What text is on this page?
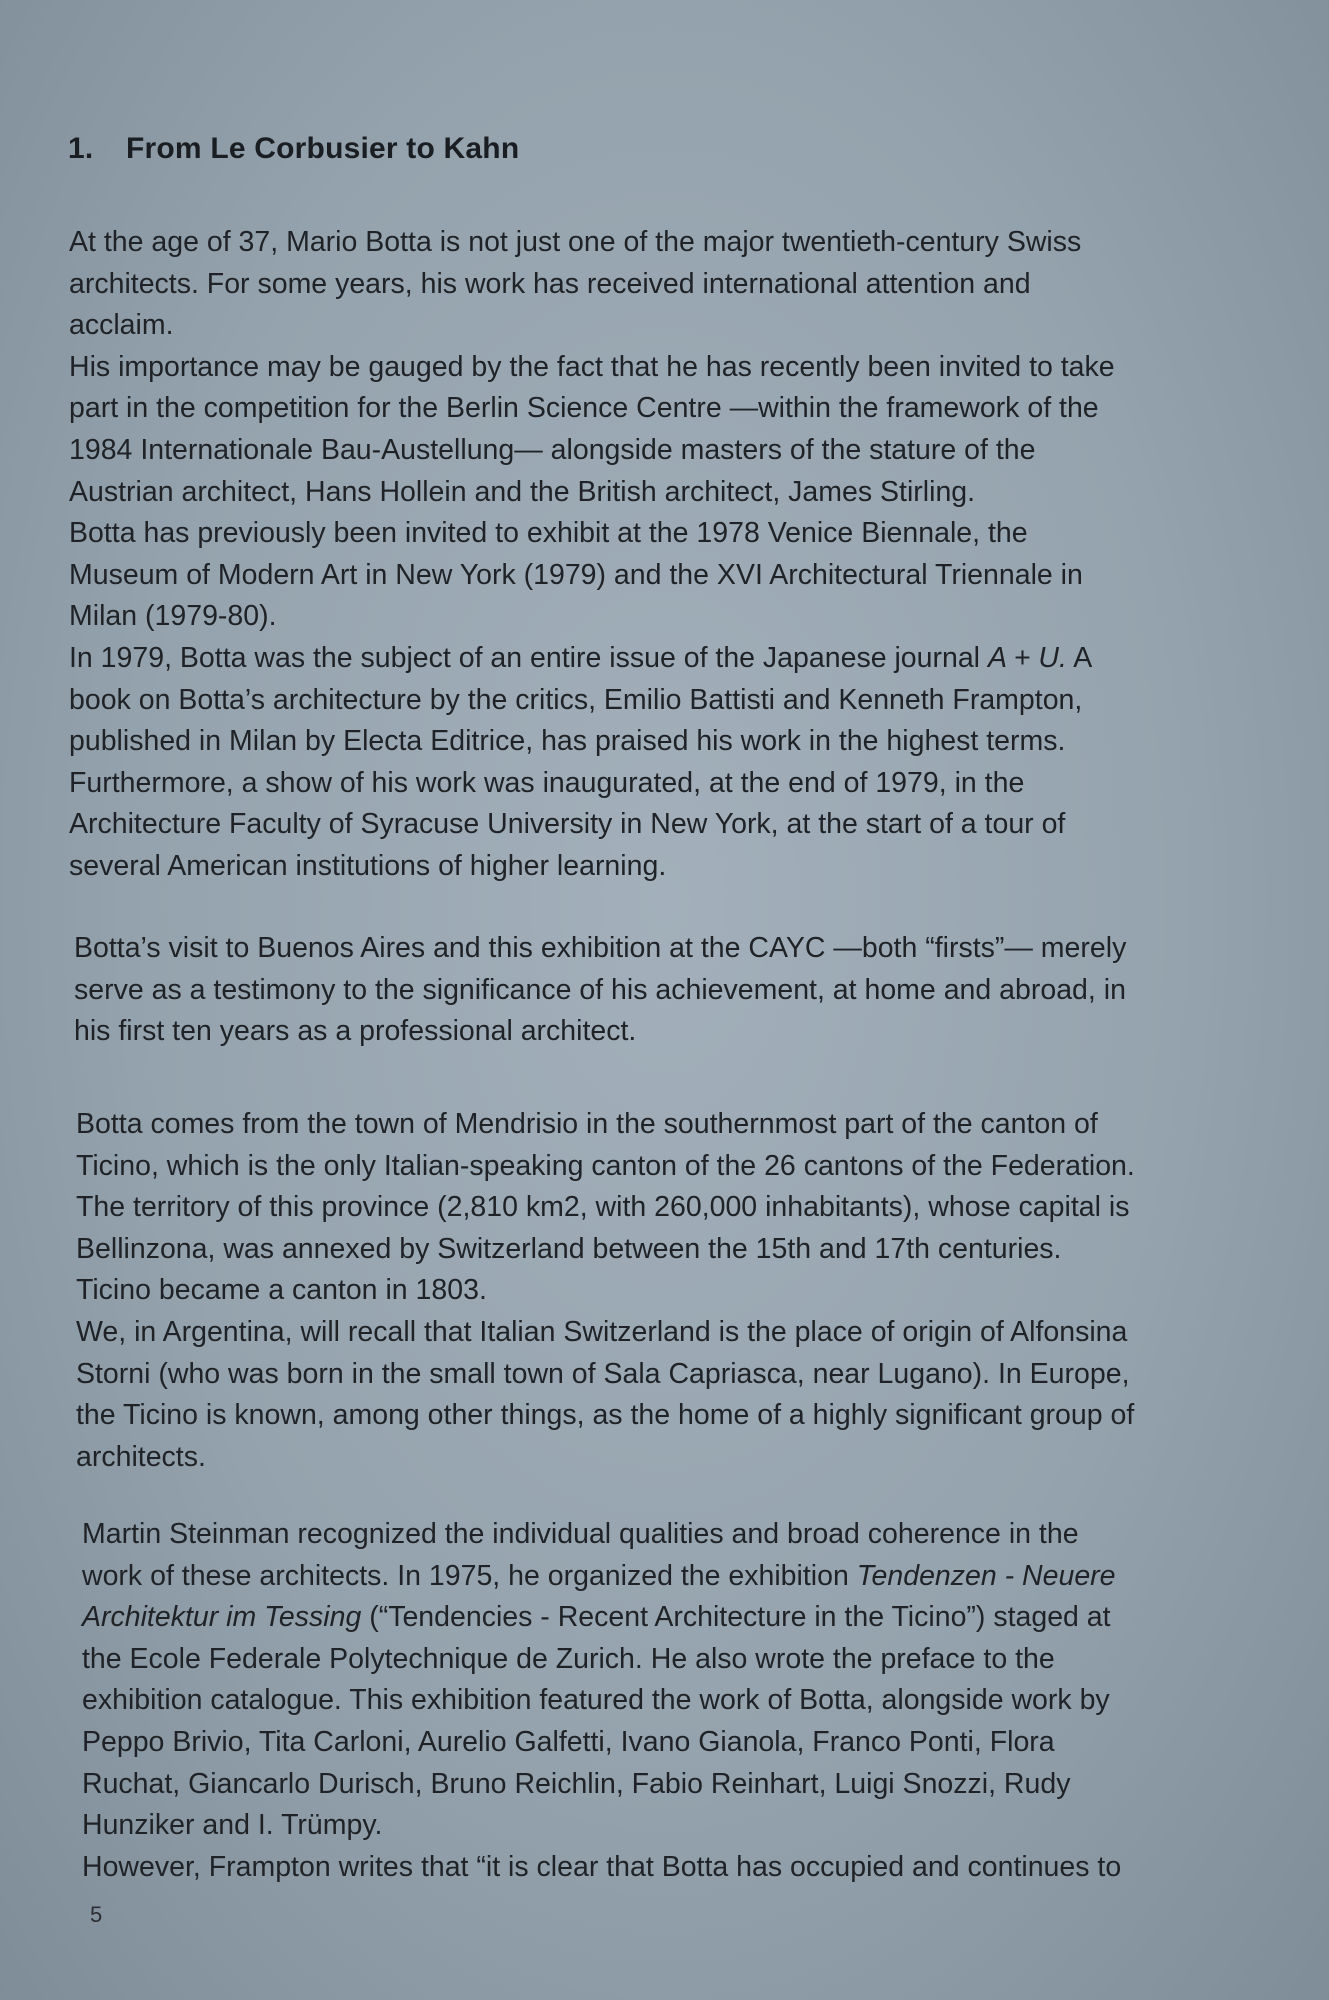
1. From Le Corbusier to Kahn

At the age of 37, Mario Botta is not just one of the major twentieth-century Swiss
architects. For some years, his work has received international attention and
acclaim.
His importance may be gauged by the fact that he has recently been invited to take
part in the competition for the Berlin Science Centre —within the framework of the
1984 Internationale Bau-Austellung— alongside masters of the stature of the
Austrian architect, Hans Hollein and the British architect, James Stirling.
Botta has previously been invited to exhibit at the 1978 Venice Biennale, the
Museum of Modern Art in New York (1979) and the XVI Architectural Triennale in
Milan (1979-80).
In 1979, Botta was the subject of an entire issue of the Japanese journal A + U. A
book on Botta’s architecture by the critics, Emilio Battisti and Kenneth Frampton,
published in Milan by Electa Editrice, has praised his work in the highest terms.
Furthermore, a show of his work was inaugurated, at the end of 1979, in the
Architecture Faculty of Syracuse University in New York, at the start of a tour of
several American institutions of higher learning.

Botta’s visit to Buenos Aires and this exhibition at the CAYC —both “firsts”— merely
serve as a testimony to the significance of his achievement, at home and abroad, in
his first ten years as a professional architect.

Botta comes from the town of Mendrisio in the southernmost part of the canton of
Ticino, which is the only Italian-speaking canton of the 26 cantons of the Federation.
The territory of this province (2,810 km2, with 260,000 inhabitants), whose capital is
Bellinzona, was annexed by Switzerland between the 15th and 17th centuries.
Ticino became a canton in 1803.
We, in Argentina, will recall that Italian Switzerland is the place of origin of Alfonsina
Storni (who was born in the small town of Sala Capriasca, near Lugano). In Europe,
the Ticino is known, among other things, as the home of a highly significant group of
architects.

Martin Steinman recognized the individual qualities and broad coherence in the
work of these architects. In 1975, he organized the exhibition Tendenzen - Neuere
Architektur im Tessing (“Tendencies - Recent Architecture in the Ticino”) staged at
the Ecole Federale Polytechnique de Zurich. He also wrote the preface to the
exhibition catalogue. This exhibition featured the work of Botta, alongside work by
Peppo Brivio, Tita Carloni, Aurelio Galfetti, Ivano Gianola, Franco Ponti, Flora
Ruchat, Giancarlo Durisch, Bruno Reichlin, Fabio Reinhart, Luigi Snozzi, Rudy
Hunziker and I. Trümpy.
However, Frampton writes that “it is clear that Botta has occupied and continues to

5
